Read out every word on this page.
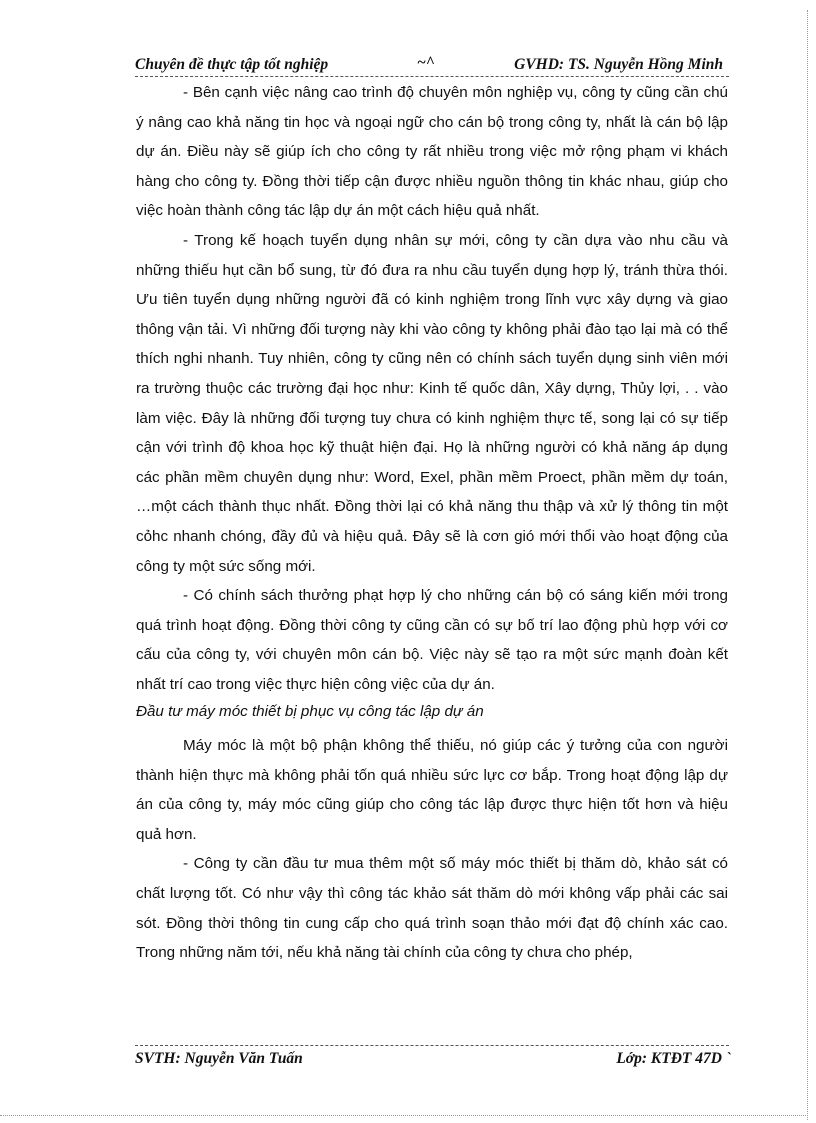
Chuyên đề thực tập tốt nghiệp	~^	GVHD: TS. Nguyễn Hồng Minh

- Bên cạnh việc nâng cao trình độ chuyên môn nghiệp vụ, công ty cũng cần chú ý nâng cao khả năng tin học và ngoại ngữ cho cán bộ trong công ty, nhất là cán bộ lập dự án. Điều này sẽ giúp ích cho công ty rất nhiều trong việc mở rộng phạm vi khách hàng cho công ty. Đồng thời tiếp cận được nhiều nguồn thông tin khác nhau, giúp cho việc hoàn thành công tác lập dự án một cách hiệu quả nhất.

- Trong kế hoạch tuyển dụng nhân sự mới, công ty cần dựa vào nhu cầu và những thiếu hụt cần bổ sung, từ đó đưa ra nhu cầu tuyển dụng hợp lý, tránh thừa thói. Ưu tiên tuyển dụng những người đã có kinh nghiệm trong lĩnh vực xây dựng và giao thông vận tải. Vì những đối tượng này khi vào công ty không phải đào tạo lại mà có thể thích nghi nhanh. Tuy nhiên, công ty cũng nên có chính sách tuyển dụng sinh viên mới ra trường thuộc các trường đại học như: Kinh tế quốc dân, Xây dựng, Thủy lợi, . . vào làm việc. Đây là những đối tượng tuy chưa có kinh nghiệm thực tế, song lại có sự tiếp cận với trình độ khoa học kỹ thuật hiện đại. Họ là những người có khả năng áp dụng các phần mềm chuyên dụng như: Word, Exel, phần mềm Proect, phần mềm dự toán, …một cách thành thục nhất. Đồng thời lại có khả năng thu thập và xử lý thông tin một cỏhc nhanh chóng, đầy đủ và hiệu quả. Đây sẽ là cơn gió mới thổi vào hoạt động của công ty một sức sống mới.

- Có chính sách thưởng phạt hợp lý cho những cán bộ có sáng kiến mới trong quá trình hoạt động. Đồng thời công ty cũng cần có sự bố trí lao động phù hợp với cơ cấu của công ty, với chuyên môn cán bộ. Việc này sẽ tạo ra một sức mạnh đoàn kết nhất trí cao trong việc thực hiện công việc của dự án.

Đầu tư máy móc thiết bị phục vụ công tác lập dự án

Máy móc là một bộ phận không thể thiếu, nó giúp các ý tưởng của con người thành hiện thực mà không phải tốn quá nhiều sức lực cơ bắp. Trong hoạt động lập dự án của công ty, máy móc cũng giúp cho công tác lập được thực hiện tốt hơn và hiệu quả hơn.

- Công ty cần đầu tư mua thêm một số máy móc thiết bị thăm dò, khảo sát có chất lượng tốt. Có như vậy thì công tác khảo sát thăm dò mới không vấp phải các sai sót. Đồng thời thông tin cung cấp cho quá trình soạn thảo mới đạt độ chính xác cao. Trong những năm tới, nếu khả năng tài chính của công ty chưa cho phép,

SVTH: Nguyễn Văn Tuấn	Lớp: KTĐT 47D `
